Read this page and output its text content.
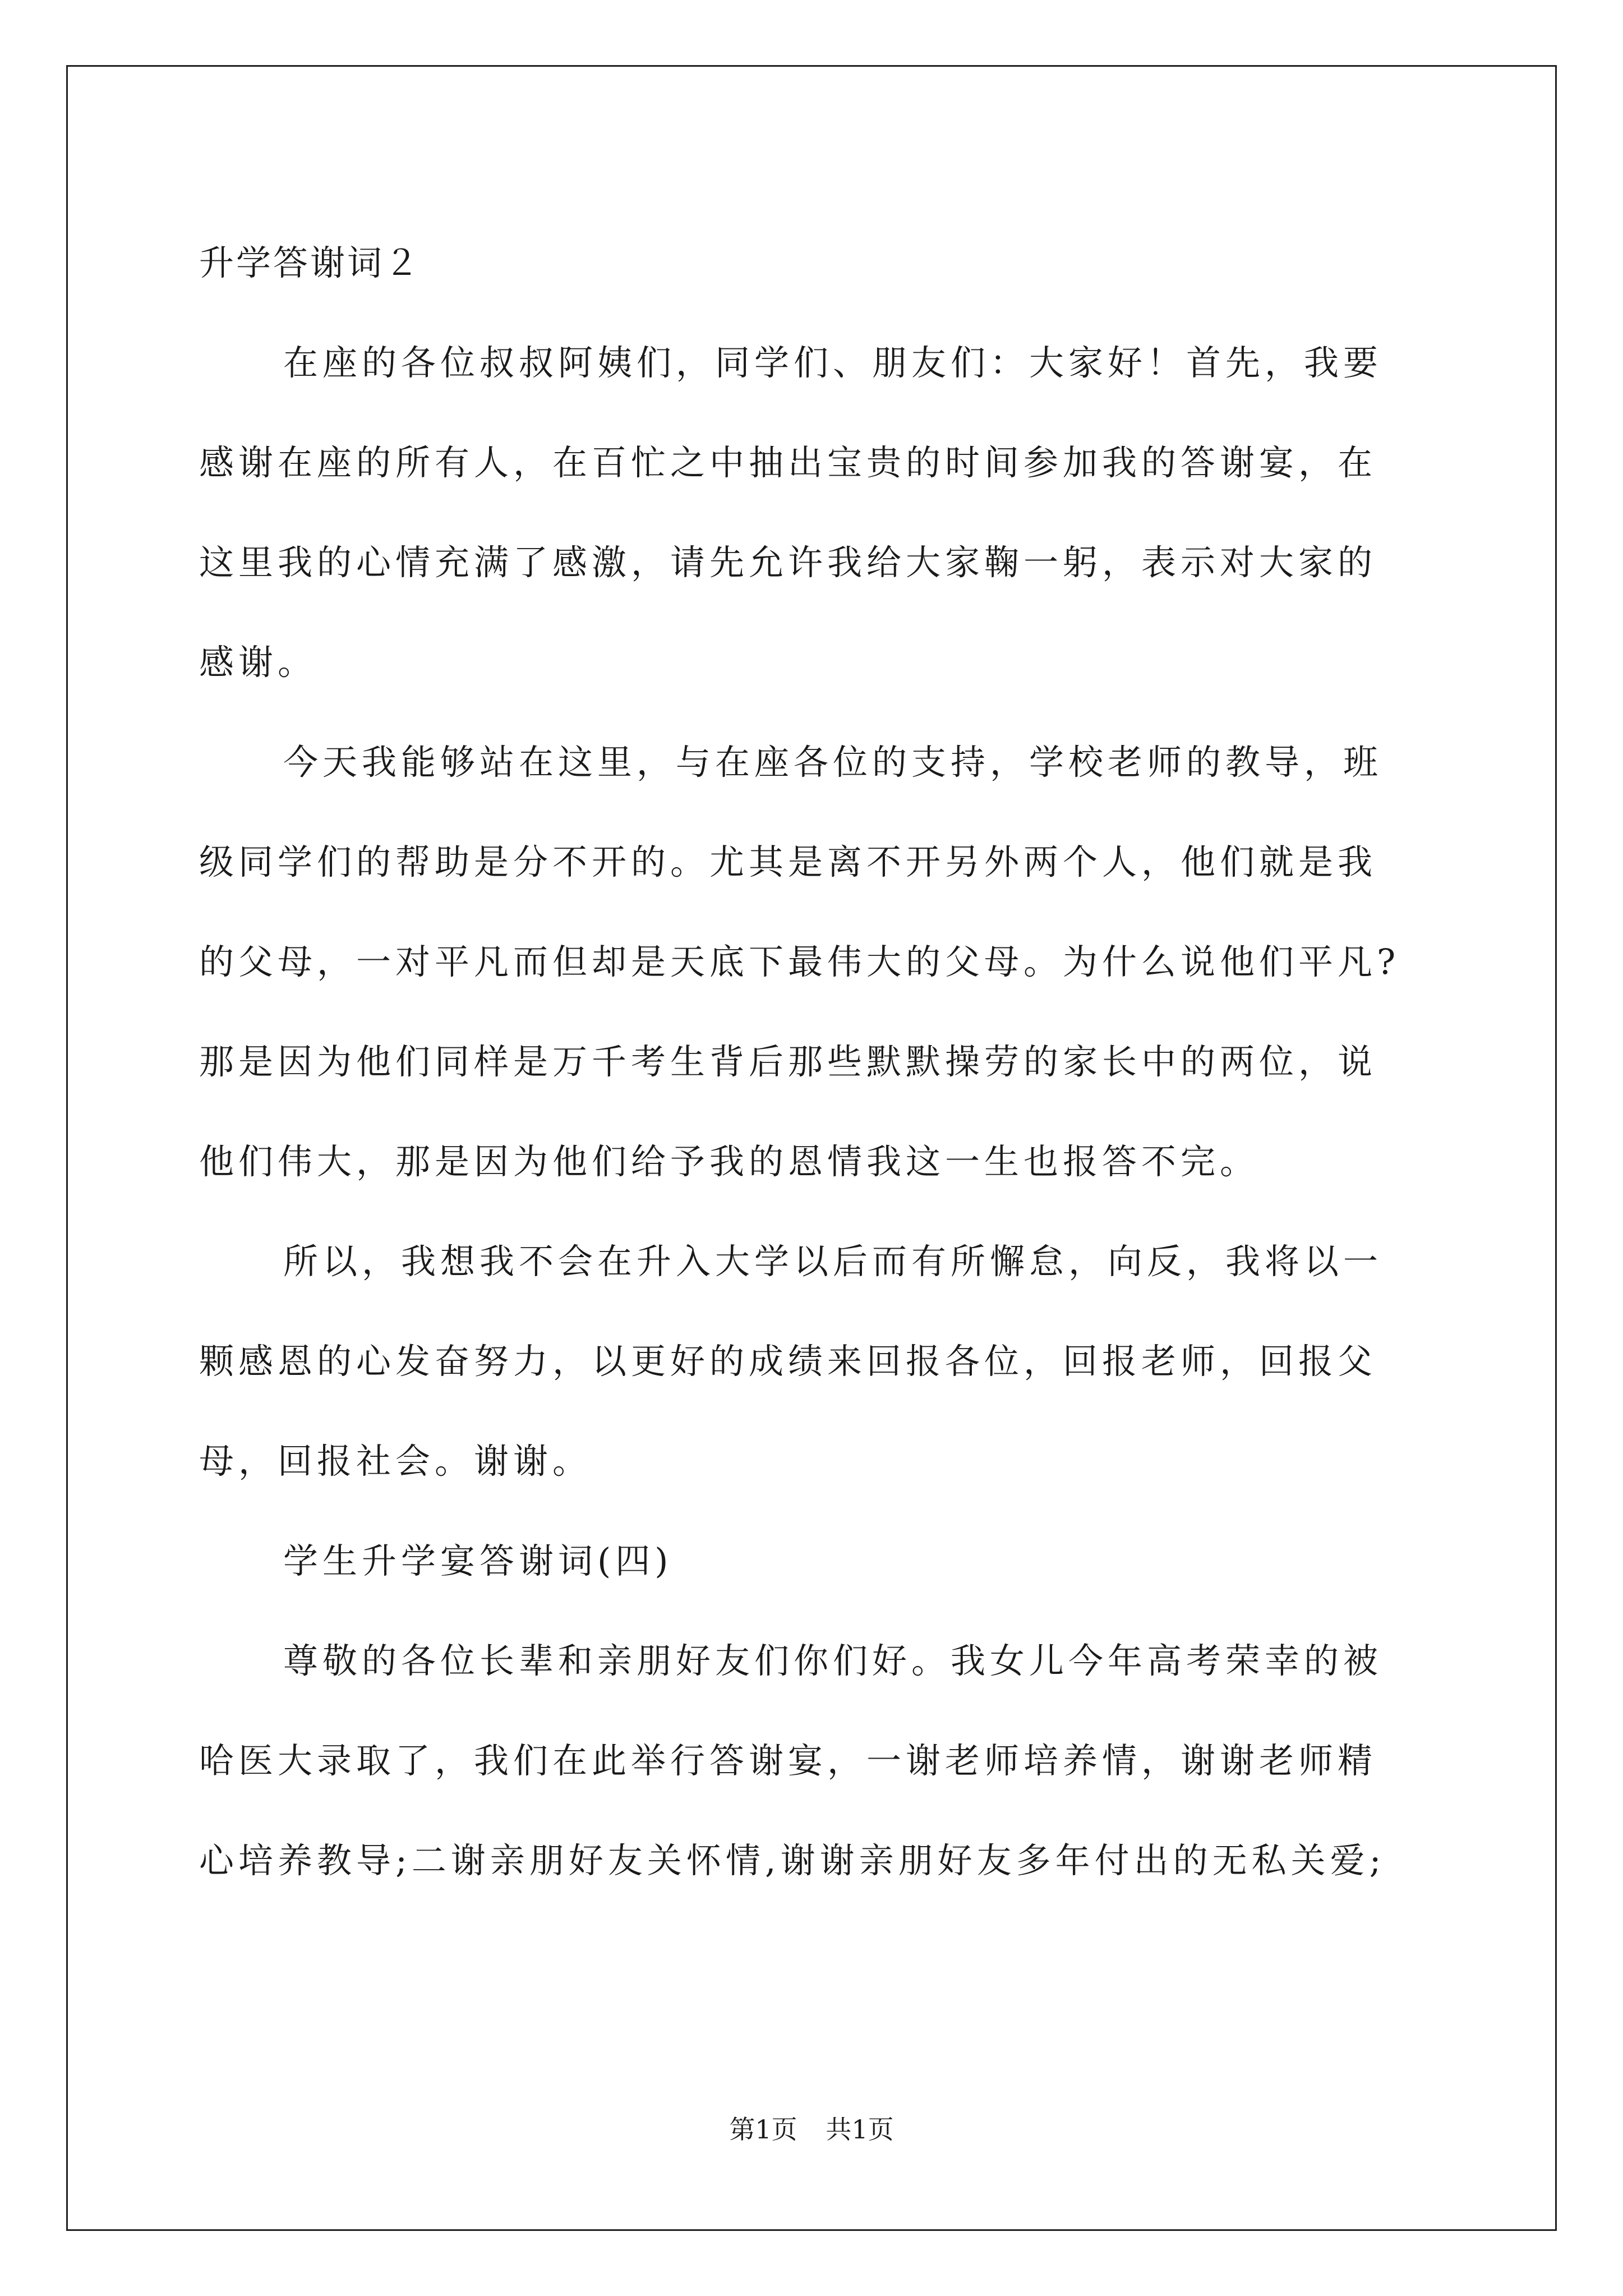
升学答谢词２
在座的各位叔叔阿姨们，同学们、朋友们：大家好！首先，我要
感谢在座的所有人，在百忙之中抽出宝贵的时间参加我的答谢宴，在
这里我的心情充满了感激，请先允许我给大家鞠一躬，表示对大家的
感谢。
今天我能够站在这里，与在座各位的支持，学校老师的教导，班
级同学们的帮助是分不开的。尤其是离不开另外两个人，他们就是我
的父母，一对平凡而但却是天底下最伟大的父母。为什么说他们平凡?
那是因为他们同样是万千考生背后那些默默操劳的家长中的两位，说
他们伟大，那是因为他们给予我的恩情我这一生也报答不完。
所以，我想我不会在升入大学以后而有所懈怠，向反，我将以一
颗感恩的心发奋努力，以更好的成绩来回报各位，回报老师，回报父
母，回报社会。谢谢。
学生升学宴答谢词(四)
尊敬的各位长辈和亲朋好友们你们好。我女儿今年高考荣幸的被
哈医大录取了，我们在此举行答谢宴，一谢老师培养情，谢谢老师精
心培养教导;二谢亲朋好友关怀情,谢谢亲朋好友多年付出的无私关爱;
第1页 共1页
